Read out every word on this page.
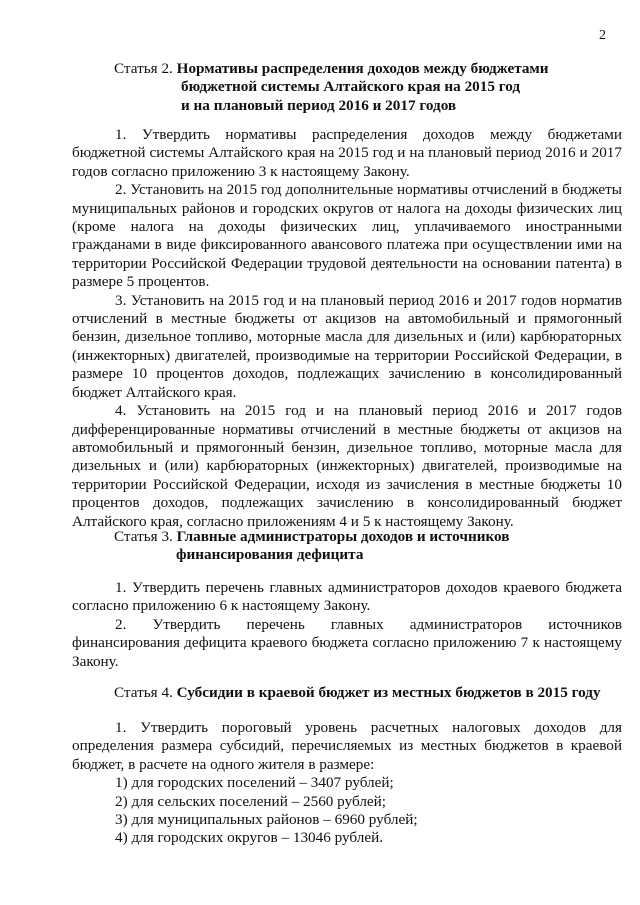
2
Статья 2. Нормативы распределения доходов между бюджетами
бюджетной системы Алтайского края на 2015 год
и на плановый период 2016 и 2017 годов

1. Утвердить нормативы распределения доходов между бюджетами бюджетной системы Алтайского края на 2015 год и на плановый период 2016 и 2017 годов согласно приложению 3 к настоящему Закону.

2. Установить на 2015 год дополнительные нормативы отчислений в бюджеты муниципальных районов и городских округов от налога на доходы физических лиц (кроме налога на доходы физических лиц, уплачиваемого иностранными гражданами в виде фиксированного авансового платежа при осуществлении ими на территории Российской Федерации трудовой деятельности на основании патента) в размере 5 процентов.

3. Установить на 2015 год и на плановый период 2016 и 2017 годов норматив отчислений в местные бюджеты от акцизов на автомобильный и прямогонный бензин, дизельное топливо, моторные масла для дизельных и (или) карбюраторных (инжекторных) двигателей, производимые на территории Российской Федерации, в размере 10 процентов доходов, подлежащих зачислению в консолидированный бюджет Алтайского края.

4. Установить на 2015 год и на плановый период 2016 и 2017 годов дифференцированные нормативы отчислений в местные бюджеты от акцизов на автомобильный и прямогонный бензин, дизельное топливо, моторные масла для дизельных и (или) карбюраторных (инжекторных) двигателей, производимые на территории Российской Федерации, исходя из зачисления в местные бюджеты 10 процентов доходов, подлежащих зачислению в консолидированный бюджет Алтайского края, согласно приложениям 4 и 5 к настоящему Закону.

Статья 3. Главные администраторы доходов и источников
финансирования дефицита

1. Утвердить перечень главных администраторов доходов краевого бюджета согласно приложению 6 к настоящему Закону.

2. Утвердить перечень главных администраторов источников финансирования дефицита краевого бюджета согласно приложению 7 к настоящему Закону.

Статья 4. Субсидии в краевой бюджет из местных бюджетов в 2015 году

1. Утвердить пороговый уровень расчетных налоговых доходов для определения размера субсидий, перечисляемых из местных бюджетов в краевой бюджет, в расчете на одного жителя в размере:

1) для городских поселений – 3407 рублей;

2) для сельских поселений – 2560 рублей;

3) для муниципальных районов – 6960 рублей;

4) для городских округов – 13046 рублей.
